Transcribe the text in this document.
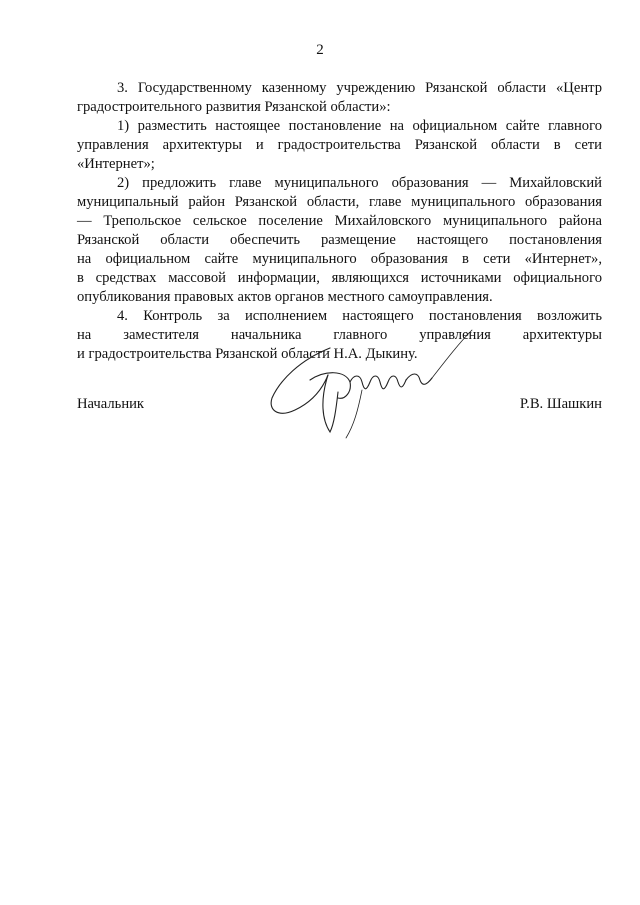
2
3. Государственному казенному учреждению Рязанской области «Центр
градостроительного развития Рязанской области»:
1) разместить настоящее постановление на официальном сайте главного
управления архитектуры и градостроительства Рязанской области в сети
«Интернет»;
2) предложить главе муниципального образования — Михайловский
муниципальный район Рязанской области, главе муниципального образования
— Трепольское сельское поселение Михайловского муниципального района
Рязанской области обеспечить размещение настоящего постановления
на официальном сайте муниципального образования в сети «Интернет»,
в средствах массовой информации, являющихся источниками официального
опубликования правовых актов органов местного самоуправления.
4. Контроль за исполнением настоящего постановления возложить
на заместителя начальника главного управления архитектуры
и градостроительства Рязанской области Н.А. Дыкину.
Начальник	Р.В. Шашкин
